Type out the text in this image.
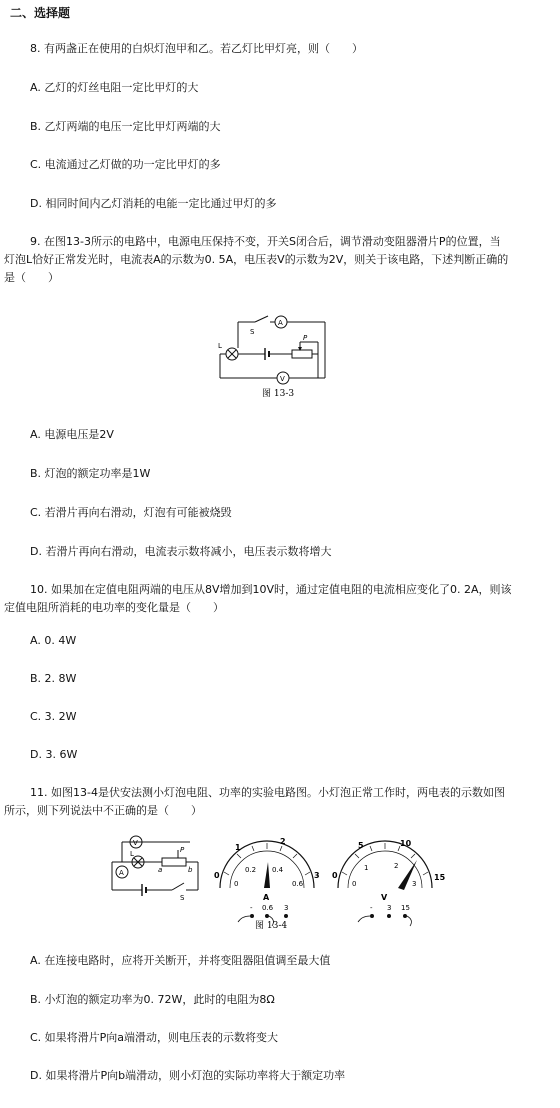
二、选择题
8. 有两盏正在使用的白炽灯泡甲和乙。若乙灯比甲灯亮，则（　　）
A. 乙灯的灯丝电阻一定比甲灯的大
B. 乙灯两端的电压一定比甲灯两端的大
C. 电流通过乙灯做的功一定比甲灯的多
D. 相同时间内乙灯消耗的电能一定比通过甲灯的多
9. 在图13-3所示的电路中，电源电压保持不变，开关S闭合后，调节滑动变阻器滑片P的位置，当
灯泡L恰好正常发光时，电流表A的示数为0. 5A，电压表V的示数为2V，则关于该电路，下述判断正确的
是（　　）
S
A
L
P
V
图 13-3
A. 电源电压是2V
B. 灯泡的额定功率是1W
C. 若滑片再向右滑动，灯泡有可能被烧毁
D. 若滑片再向右滑动，电流表示数将减小，电压表示数将增大
10. 如果加在定值电阻两端的电压从8V增加到10V时，通过定值电阻的电流相应变化了0. 2A，则该
定值电阻所消耗的电功率的变化量是（　　）
A. 0. 4W
B. 2. 8W
C. 3. 2W
D. 3. 6W
11. 如图13-4是伏安法测小灯泡电阻、功率的实验电路图。小灯泡正常工作时，两电表的示数如图
所示，则下列说法中不正确的是（　　）
V
A
L	P
a	b
S
0
1
2
3
0
0.2 0.4
0.6
A
- 0.6 3
0
5	10
15
0
1	2
3
V
- 3 15
图 13-4
A. 在连接电路时，应将开关断开，并将变阻器阻值调至最大值
B. 小灯泡的额定功率为0. 72W，此时的电阻为8Ω
C. 如果将滑片P向a端滑动，则电压表的示数将变大
D. 如果将滑片P向b端滑动，则小灯泡的实际功率将大于额定功率
